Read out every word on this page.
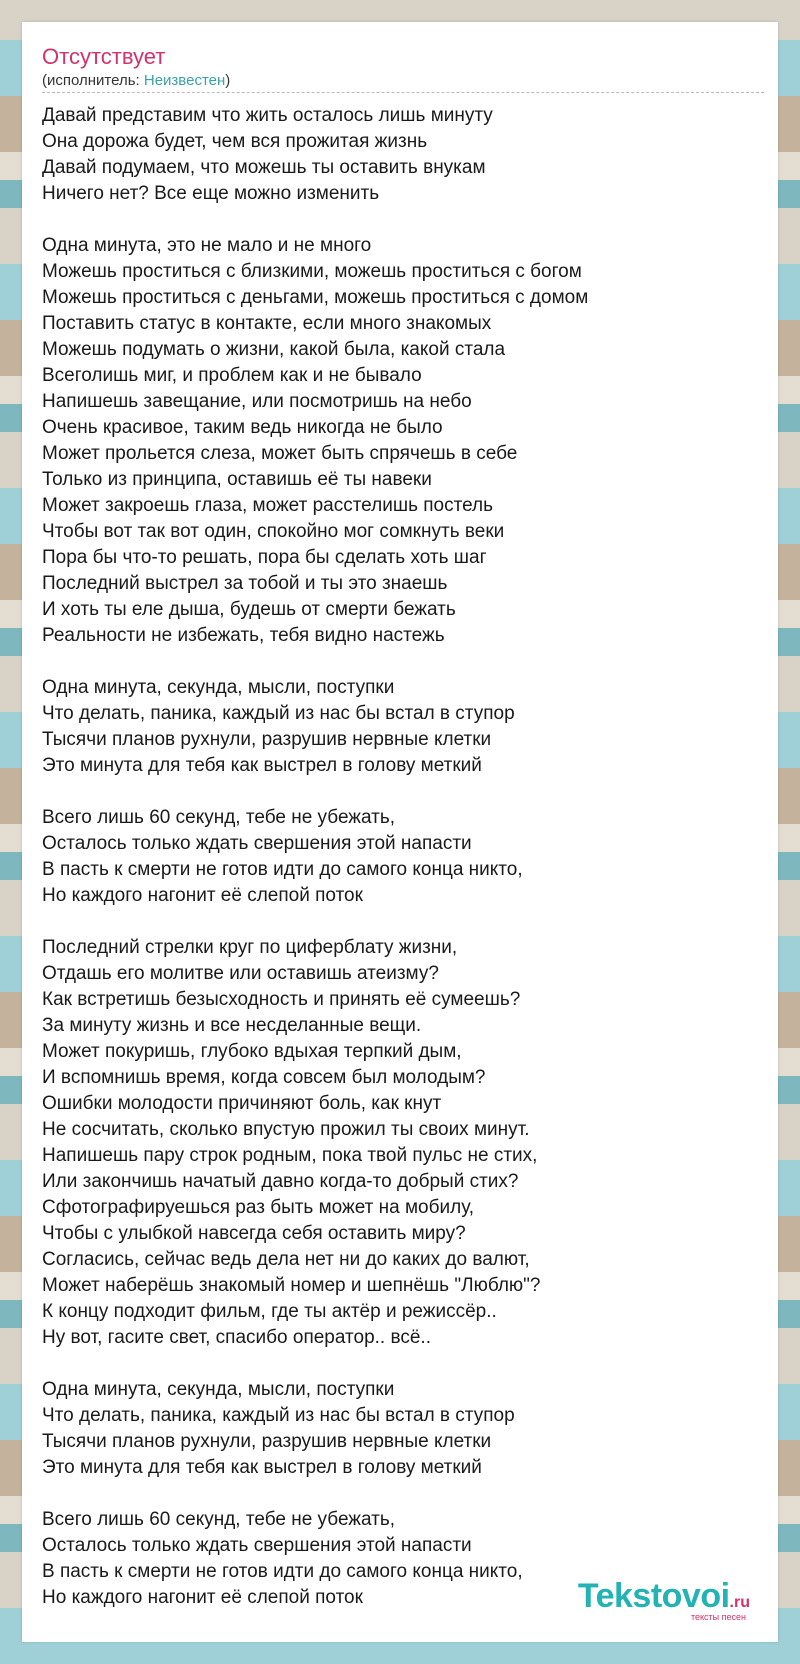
Отсутствует
(исполнитель: Неизвестен)
Давай представим что жить осталось лишь минуту
Она дорожа будет, чем вся прожитая жизнь
Давай подумаем, что можешь ты оставить внукам
Ничего нет? Все еще можно изменить
Одна минута, это не мало и не много
Можешь проститься с близкими, можешь проститься с богом
Можешь проститься с деньгами, можешь проститься с домом
Поставить статус в контакте, если много знакомых
Можешь подумать о жизни, какой была, какой стала
Всеголишь миг, и проблем как и не бывало
Напишешь завещание, или посмотришь на небо
Очень красивое, таким ведь никогда не было
Может прольется слеза, может быть спрячешь в себе
Только из принципа, оставишь её ты навеки
Может закроешь глаза, может расстелишь постель
Чтобы вот так вот один, спокойно мог сомкнуть веки
Пора бы что-то решать, пора бы сделать хоть шаг
Последний выстрел за тобой и ты это знаешь
И хоть ты еле дыша, будешь от смерти бежать
Реальности не избежать, тебя видно настежь
Одна минута, секунда, мысли, поступки
Что делать, паника, каждый из нас бы встал в ступор
Тысячи планов рухнули, разрушив нервные клетки
Это минута для тебя как выстрел в голову меткий
Всего лишь 60 секунд, тебе не убежать,
Осталось только ждать свершения этой напасти
В пасть к смерти не готов идти до самого конца никто,
Но каждого нагонит её слепой поток
Последний стрелки круг по циферблату жизни,
Отдашь его молитве или оставишь атеизму?
Как встретишь безысходность и принять её сумеешь?
За минуту жизнь и все несделанные вещи.
Может покуришь, глубоко вдыхая терпкий дым,
И вспомнишь время, когда совсем был молодым?
Ошибки молодости причиняют боль, как кнут
Не сосчитать, сколько впустую прожил ты своих минут.
Напишешь пару строк родным, пока твой пульс не стих,
Или закончишь начатый давно когда-то добрый стих?
Сфотографируешься раз быть может на мобилу,
Чтобы с улыбкой навсегда себя оставить миру?
Согласись, сейчас ведь дела нет ни до каких до валют,
Может наберёшь знакомый номер и шепнёшь "Люблю"?
К концу подходит фильм, где ты актёр и режиссёр..
Ну вот, гасите свет, спасибо оператор.. всё..
Одна минута, секунда, мысли, поступки
Что делать, паника, каждый из нас бы встал в ступор
Тысячи планов рухнули, разрушив нервные клетки
Это минута для тебя как выстрел в голову меткий
Всего лишь 60 секунд, тебе не убежать,
Осталось только ждать свершения этой напасти
В пасть к смерти не готов идти до самого конца никто,
Но каждого нагонит её слепой поток	Tekstovoi.ru
тексты песен
